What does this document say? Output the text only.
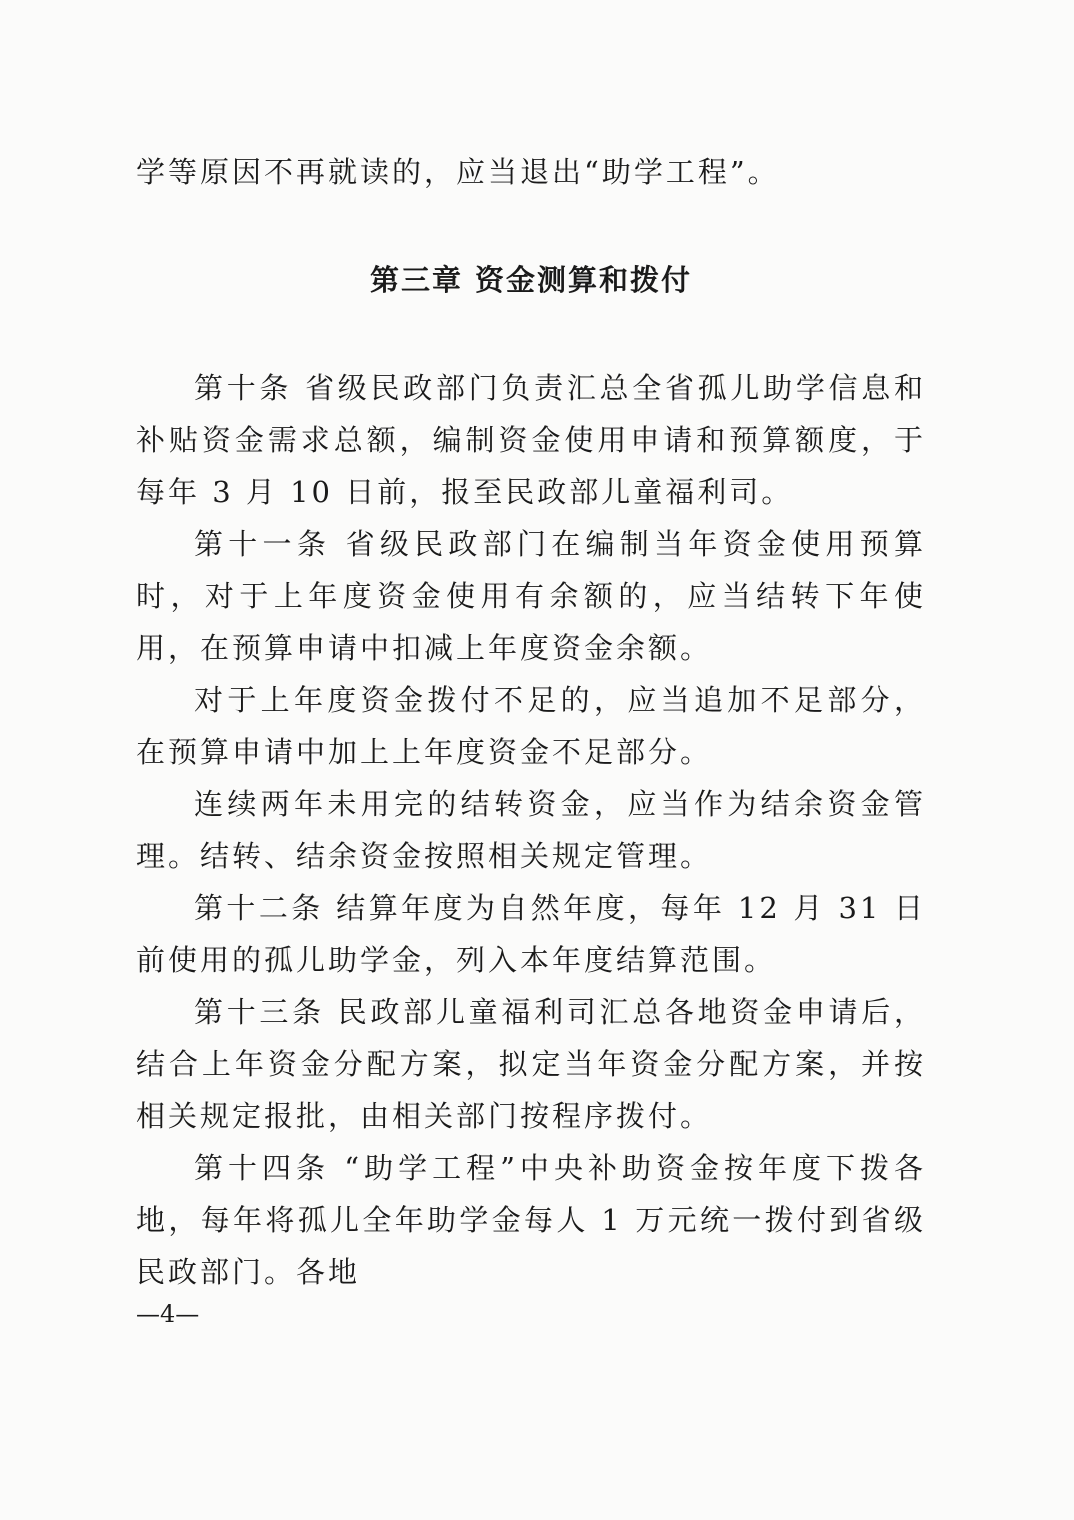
学等原因不再就读的，应当退出“助学工程”。

第三章 资金测算和拨付

第十条 省级民政部门负责汇总全省孤儿助学信息和补贴资金需求总额，编制资金使用申请和预算额度，于每年 3 月 10 日前，报至民政部儿童福利司。

第十一条 省级民政部门在编制当年资金使用预算时，对于上年度资金使用有余额的，应当结转下年使用，在预算申请中扣减上年度资金余额。

对于上年度资金拨付不足的，应当追加不足部分，在预算申请中加上上年度资金不足部分。

连续两年未用完的结转资金，应当作为结余资金管理。结转、结余资金按照相关规定管理。

第十二条 结算年度为自然年度，每年 12 月 31 日前使用的孤儿助学金，列入本年度结算范围。

第十三条 民政部儿童福利司汇总各地资金申请后，结合上年资金分配方案，拟定当年资金分配方案，并按相关规定报批，由相关部门按程序拨付。

第十四条 “助学工程”中央补助资金按年度下拨各地，每年将孤儿全年助学金每人 1 万元统一拨付到省级民政部门。各地

—4—
